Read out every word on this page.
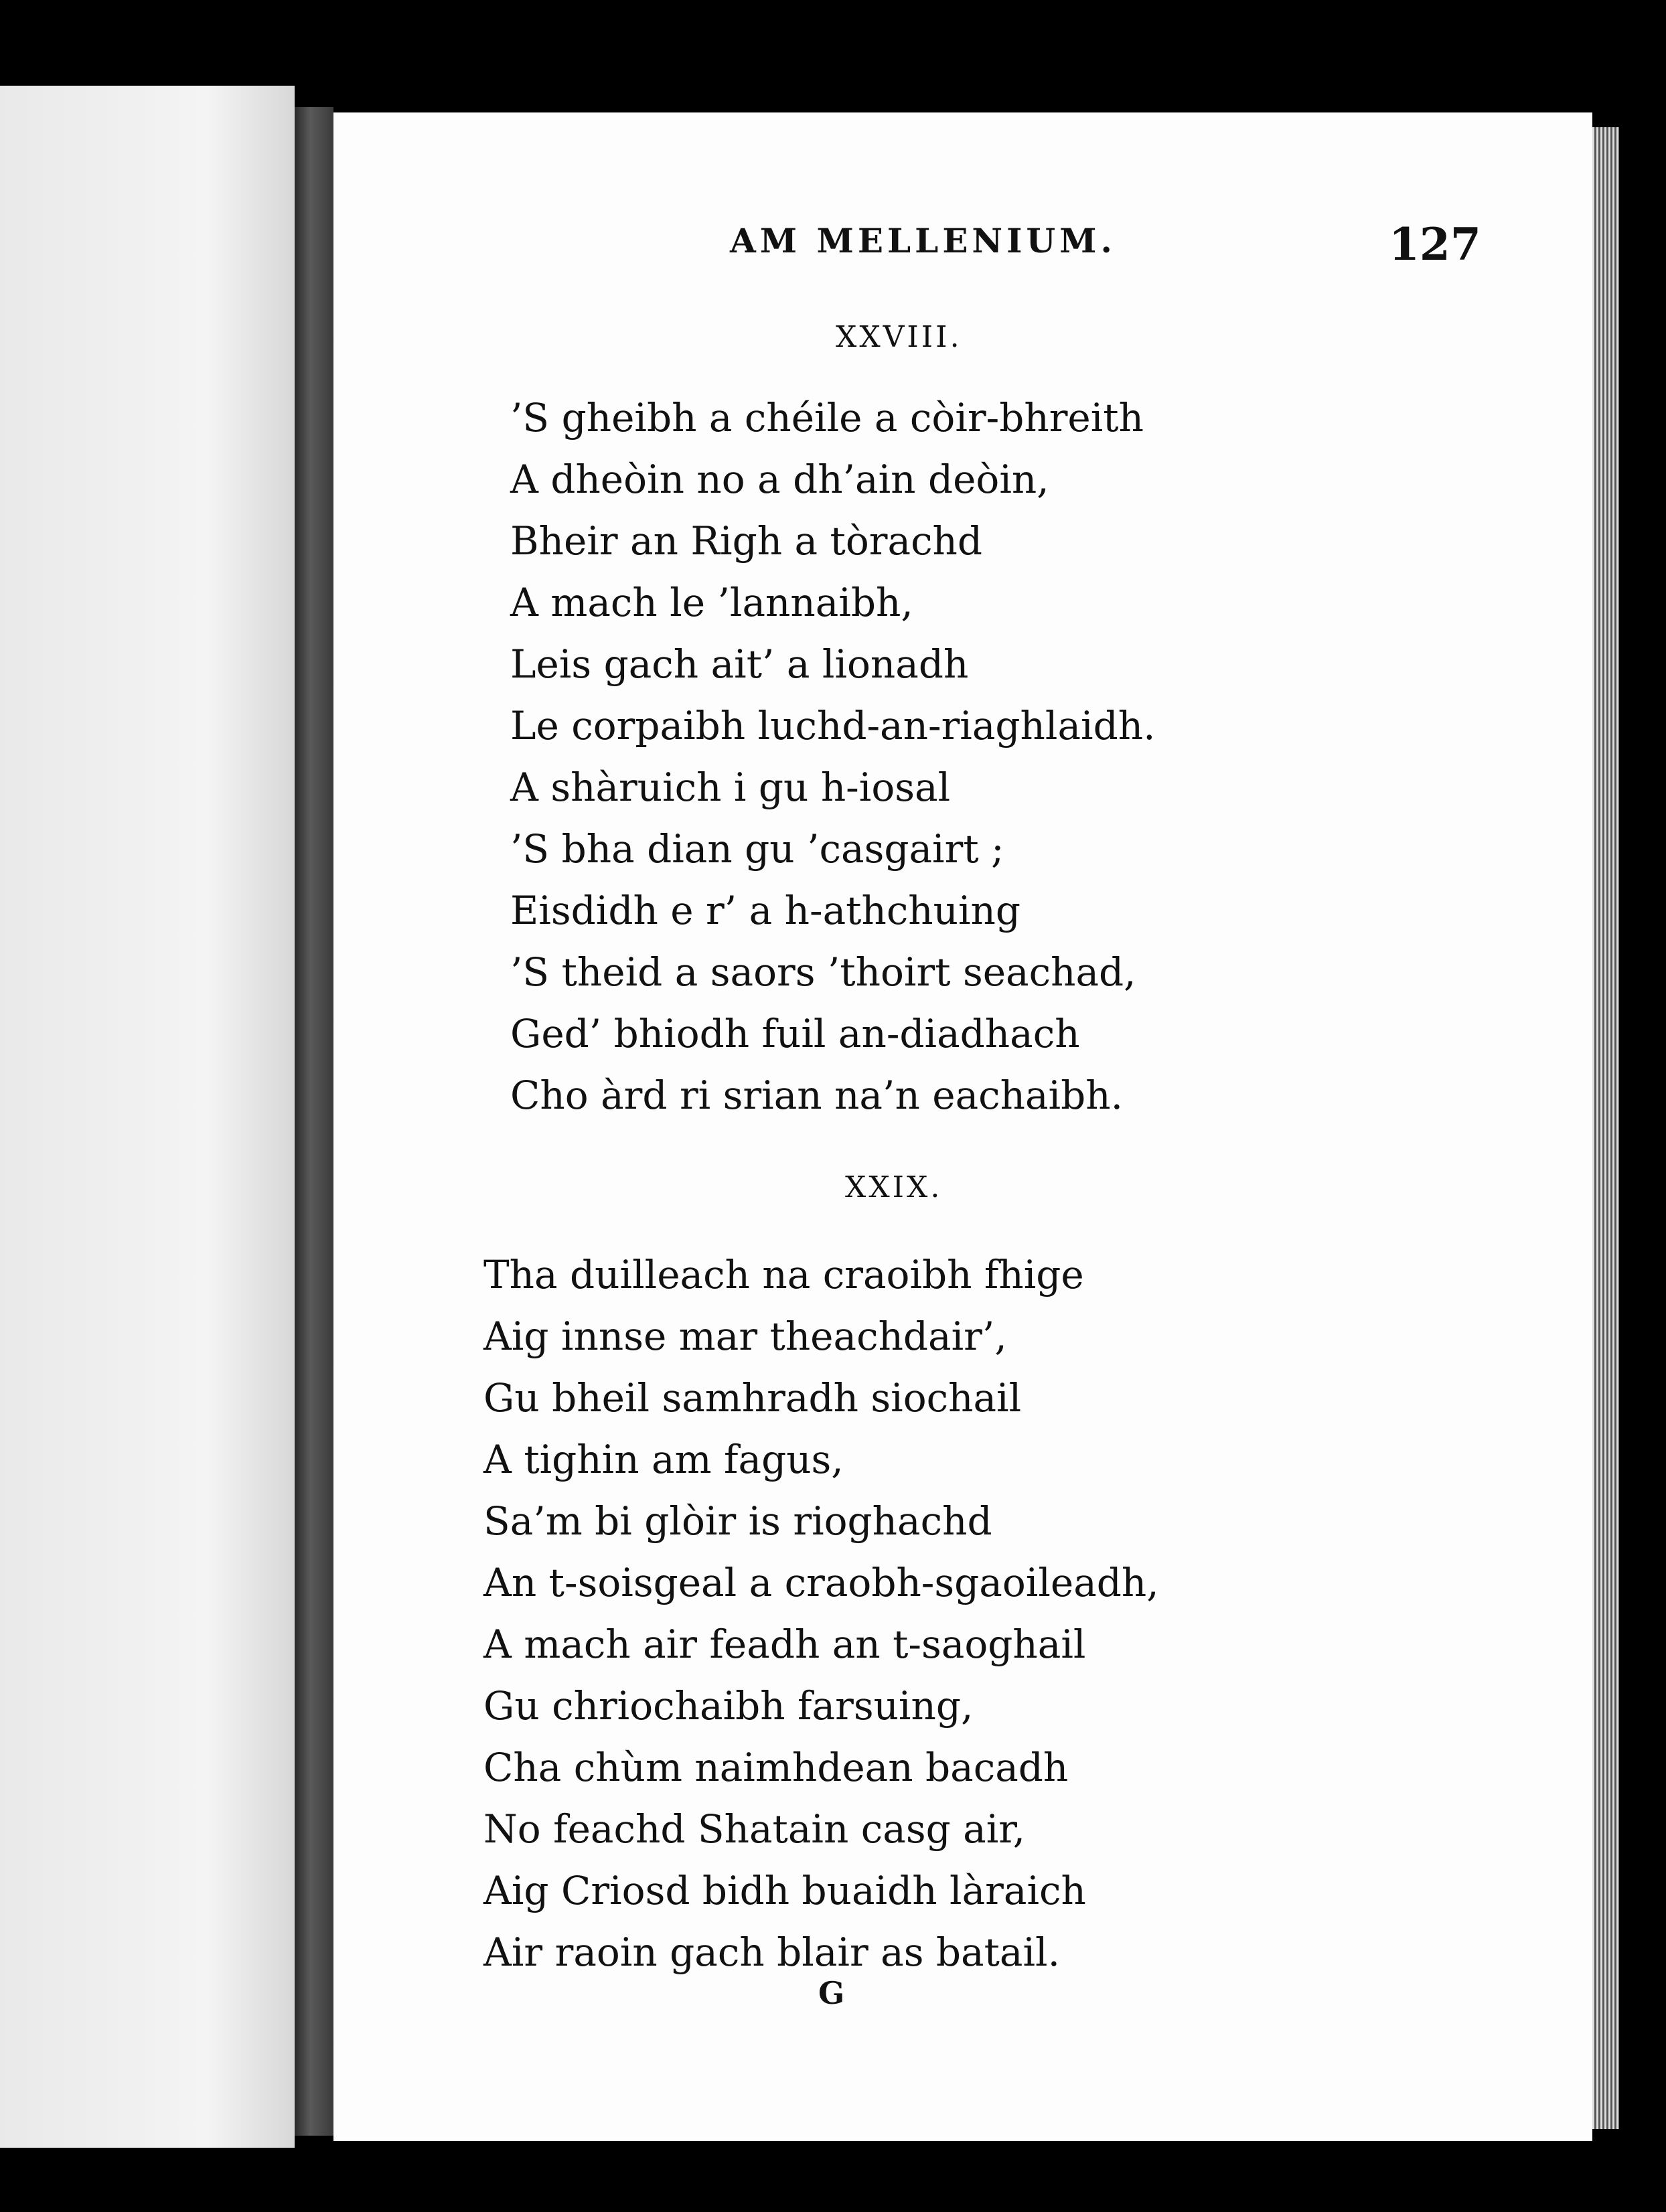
AM MELLENIUM.	127
XXVIII.
’S gheibh a chéile a còir-bhreith
A dheòin no a dh’ain deòin,
Bheir an Righ a tòrachd
A mach le ’lannaibh,
Leis gach ait’ a lionadh
Le corpaibh luchd-an-riaghlaidh.
A shàruich i gu h-iosal
’S bha dian gu ’casgairt ;
Eisdidh e r’ a h-athchuing
’S theid a saors ’thoirt seachad,
Ged’ bhiodh fuil an-diadhach
Cho àrd ri srian na’n eachaibh.
XXIX.
Tha duilleach na craoibh fhige
Aig innse mar theachdair’,
Gu bheil samhradh siochail
A tighin am fagus,
Sa’m bi glòir is rioghachd
An t-soisgeal a craobh-sgaoileadh,
A mach air feadh an t-saoghail
Gu chriochaibh farsuing,
Cha chùm naimhdean bacadh
No feachd Shatain casg air,
Aig Criosd bidh buaidh làraich
Air raoin gach blair as batail.
G
